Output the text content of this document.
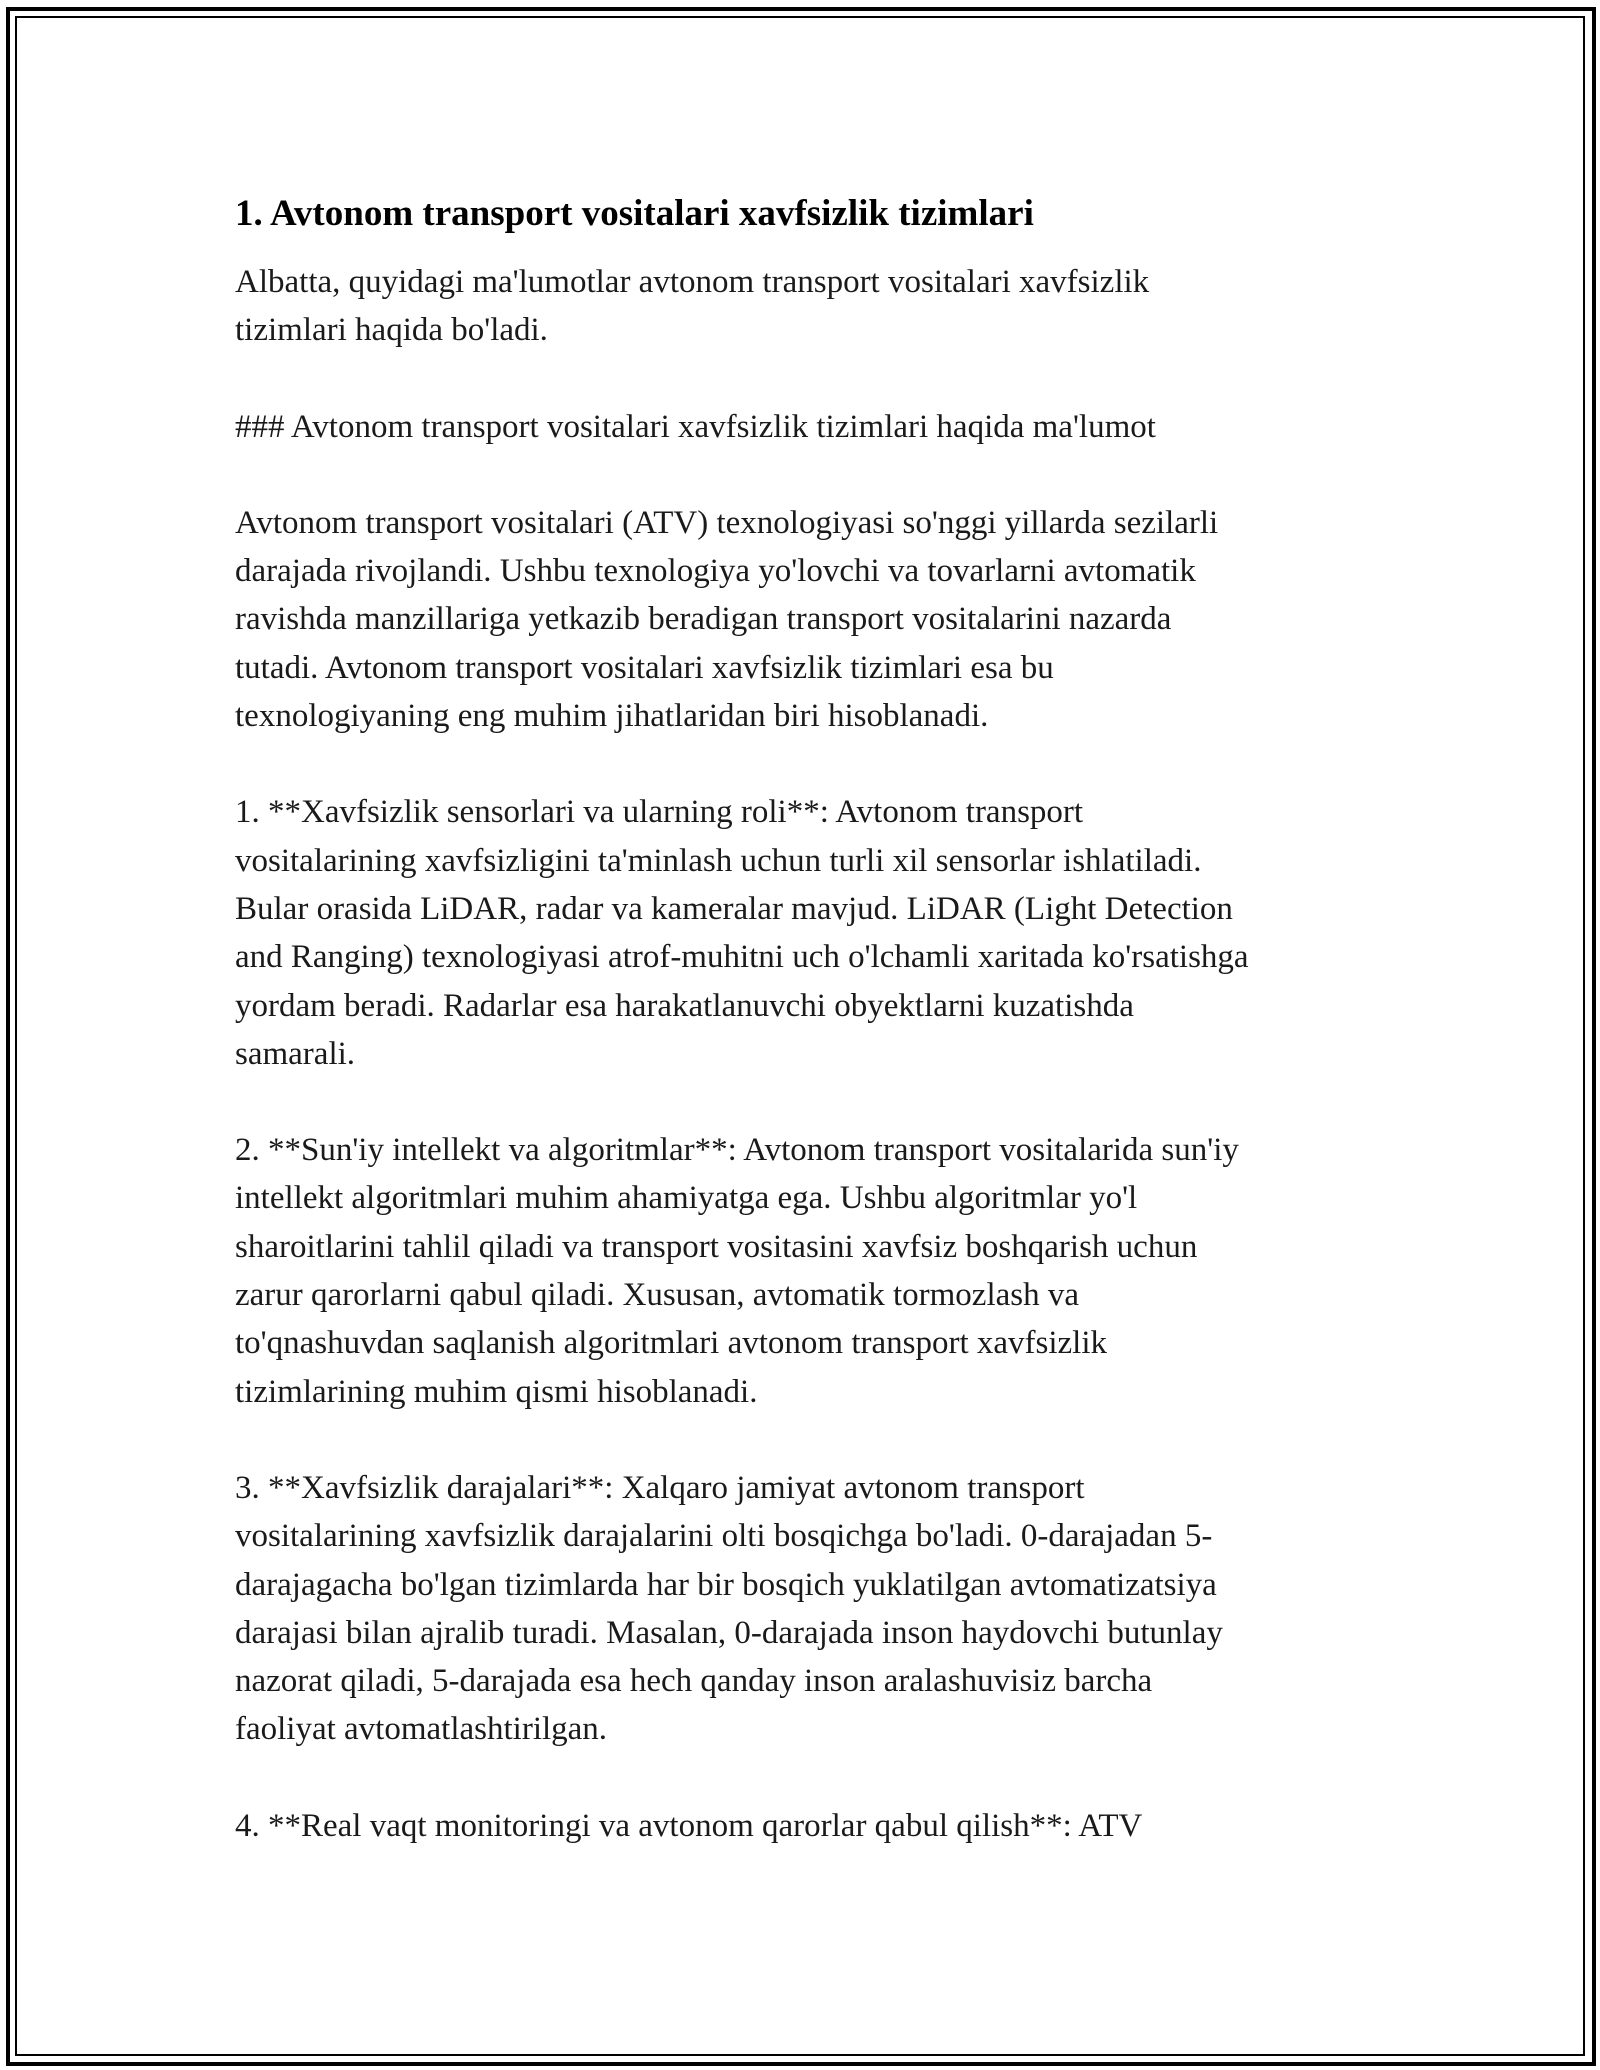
1. Avtonom transport vositalari xavfsizlik tizimlari

Albatta, quyidagi ma'lumotlar avtonom transport vositalari xavfsizlik
tizimlari haqida bo'ladi.

### Avtonom transport vositalari xavfsizlik tizimlari haqida ma'lumot

Avtonom transport vositalari (ATV) texnologiyasi so'nggi yillarda sezilarli
darajada rivojlandi. Ushbu texnologiya yo'lovchi va tovarlarni avtomatik
ravishda manzillariga yetkazib beradigan transport vositalarini nazarda
tutadi. Avtonom transport vositalari xavfsizlik tizimlari esa bu
texnologiyaning eng muhim jihatlaridan biri hisoblanadi.

1. **Xavfsizlik sensorlari va ularning roli**: Avtonom transport
vositalarining xavfsizligini ta'minlash uchun turli xil sensorlar ishlatiladi.
Bular orasida LiDAR, radar va kameralar mavjud. LiDAR (Light Detection
and Ranging) texnologiyasi atrof-muhitni uch o'lchamli xaritada ko'rsatishga
yordam beradi. Radarlar esa harakatlanuvchi obyektlarni kuzatishda
samarali.

2. **Sun'iy intellekt va algoritmlar**: Avtonom transport vositalarida sun'iy
intellekt algoritmlari muhim ahamiyatga ega. Ushbu algoritmlar yo'l
sharoitlarini tahlil qiladi va transport vositasini xavfsiz boshqarish uchun
zarur qarorlarni qabul qiladi. Xususan, avtomatik tormozlash va
to'qnashuvdan saqlanish algoritmlari avtonom transport xavfsizlik
tizimlarining muhim qismi hisoblanadi.

3. **Xavfsizlik darajalari**: Xalqaro jamiyat avtonom transport
vositalarining xavfsizlik darajalarini olti bosqichga bo'ladi. 0-darajadan 5-
darajagacha bo'lgan tizimlarda har bir bosqich yuklatilgan avtomatizatsiya
darajasi bilan ajralib turadi. Masalan, 0-darajada inson haydovchi butunlay
nazorat qiladi, 5-darajada esa hech qanday inson aralashuvisiz barcha
faoliyat avtomatlashtirilgan.

4. **Real vaqt monitoringi va avtonom qarorlar qabul qilish**: ATV
